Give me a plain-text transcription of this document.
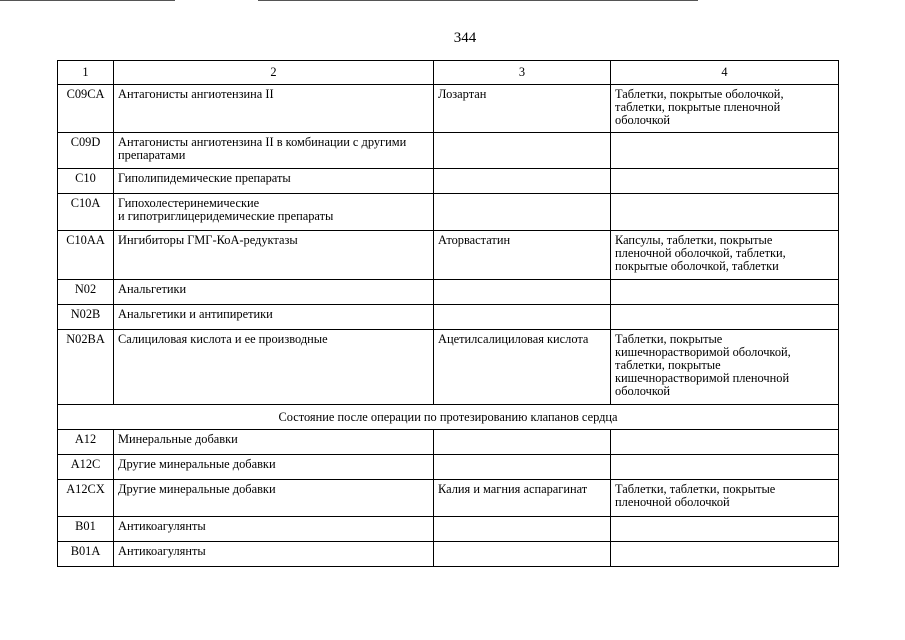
344
1	2	3	4
C09CA	Антагонисты ангиотензина II	Лозартан	Таблетки, покрытые оболочкой,
таблетки, покрытые пленочной
оболочкой
C09D	Антагонисты ангиотензина II в комбинации с другими
препаратами		
C10	Гиполипидемические препараты		
C10A	Гипохолестеринемические
и гипотриглицеридемические препараты		
C10AA	Ингибиторы ГМГ-КоА-редуктазы	Аторвастатин	Капсулы, таблетки, покрытые
пленочной оболочкой, таблетки,
покрытые оболочкой, таблетки
N02	Анальгетики		
N02B	Анальгетики и антипиретики		
N02BA	Салициловая кислота и ее производные	Ацетилсалициловая кислота	Таблетки, покрытые
кишечнорастворимой оболочкой,
таблетки, покрытые
кишечнорастворимой пленочной
оболочкой
Состояние после операции по протезированию клапанов сердца			
A12	Минеральные добавки		
A12C	Другие минеральные добавки		
A12CX	Другие минеральные добавки	Калия и магния аспарагинат	Таблетки, таблетки, покрытые
пленочной оболочкой
B01	Антикоагулянты		
B01A	Антикоагулянты		
